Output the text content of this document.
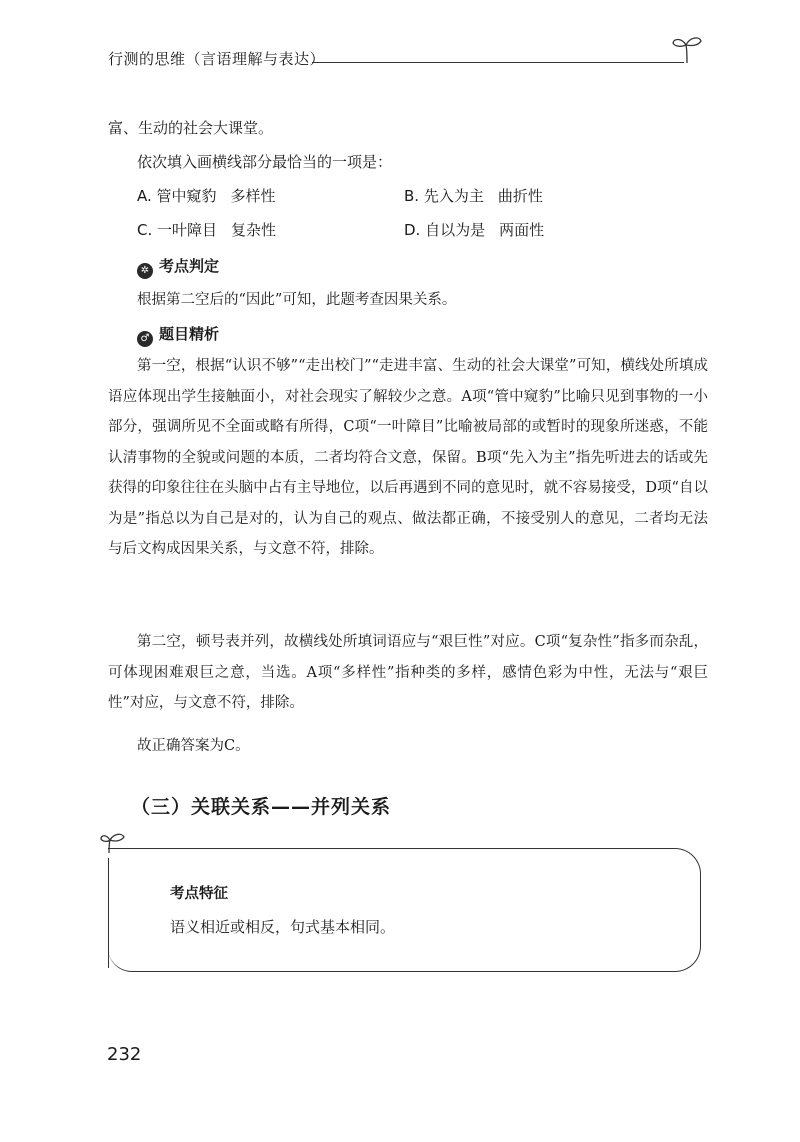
行测的思维（言语理解与表达）
富、生动的社会大课堂。
依次填入画横线部分最恰当的一项是：
A. 管中窥豹 多样性	B. 先入为主 曲折性
C. 一叶障目 复杂性	D. 自以为是 两面性
✲ 考点判定
根据第二空后的“因此”可知，此题考查因果关系。
♂ 题目精析
第一空，根据“认识不够”“走出校门”“走进丰富、生动的社会大课堂”可知，横线处所填成语应体现出学生接触面小，对社会现实了解较少之意。A项“管中窥豹”比喻只见到事物的一小部分，强调所见不全面或略有所得，C项“一叶障目”比喻被局部的或暂时的现象所迷惑，不能认清事物的全貌或问题的本质，二者均符合文意，保留。B项“先入为主”指先听进去的话或先获得的印象往往在头脑中占有主导地位，以后再遇到不同的意见时，就不容易接受，D项“自以为是”指总以为自己是对的，认为自己的观点、做法都正确，不接受别人的意见，二者均无法与后文构成因果关系，与文意不符，排除。
第二空，顿号表并列，故横线处所填词语应与“艰巨性”对应。C项“复杂性”指多而杂乱，可体现困难艰巨之意，当选。A项“多样性”指种类的多样，感情色彩为中性，无法与“艰巨性”对应，与文意不符，排除。
故正确答案为C。
（三）关联关系——并列关系
考点特征
语义相近或相反，句式基本相同。
232
